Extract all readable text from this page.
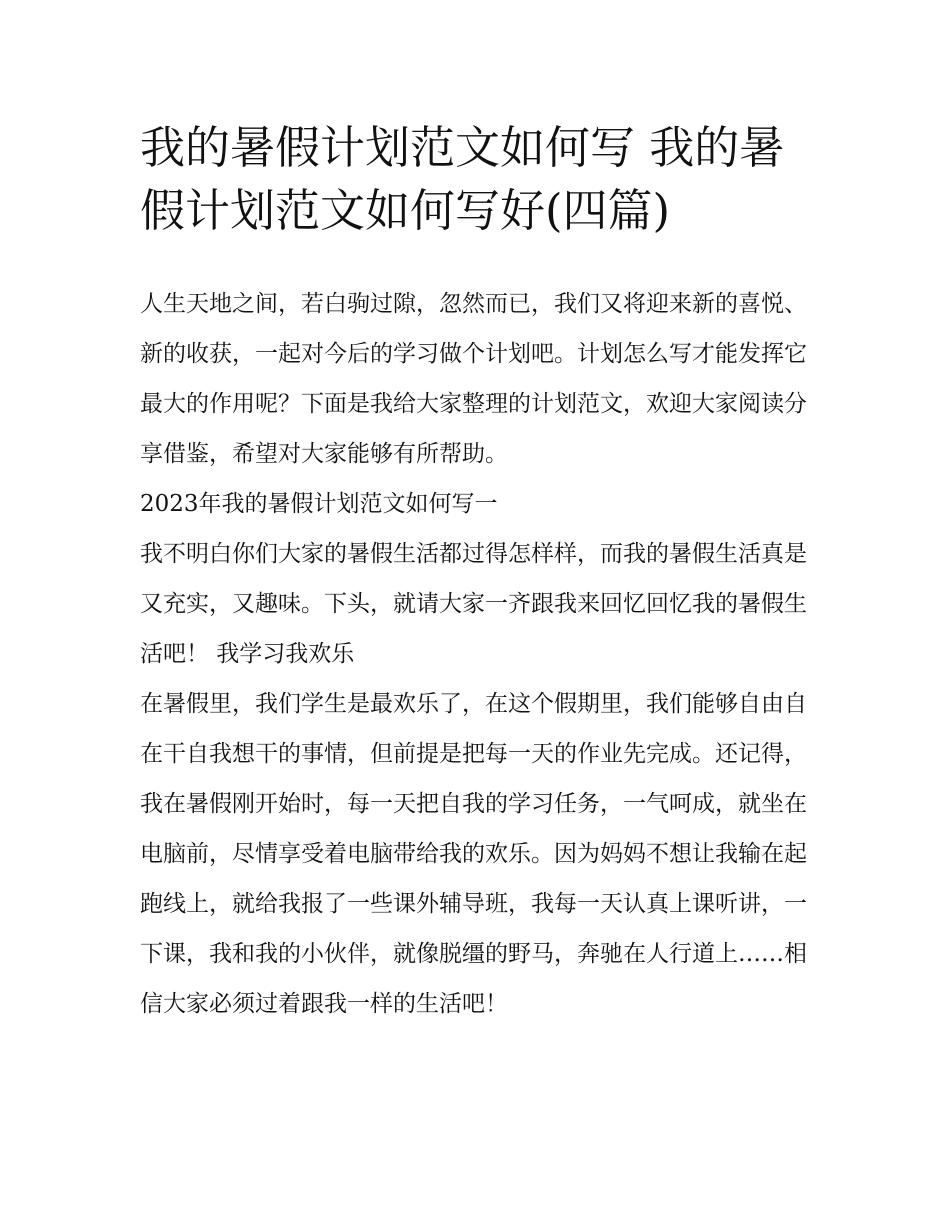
我的暑假计划范文如何写 我的暑假计划范文如何写好(四篇)

人生天地之间，若白驹过隙，忽然而已，我们又将迎来新的喜悦、新的收获，一起对今后的学习做个计划吧。计划怎么写才能发挥它最大的作用呢？下面是我给大家整理的计划范文，欢迎大家阅读分享借鉴，希望对大家能够有所帮助。

2023年我的暑假计划范文如何写一

我不明白你们大家的暑假生活都过得怎样样，而我的暑假生活真是又充实，又趣味。下头，就请大家一齐跟我来回忆回忆我的暑假生活吧！ 我学习我欢乐

在暑假里，我们学生是最欢乐了，在这个假期里，我们能够自由自在干自我想干的事情，但前提是把每一天的作业先完成。还记得，我在暑假刚开始时，每一天把自我的学习任务，一气呵成，就坐在电脑前，尽情享受着电脑带给我的欢乐。因为妈妈不想让我输在起跑线上，就给我报了一些课外辅导班，我每一天认真上课听讲，一下课，我和我的小伙伴，就像脱缰的野马，奔驰在人行道上……相信大家必须过着跟我一样的生活吧！
